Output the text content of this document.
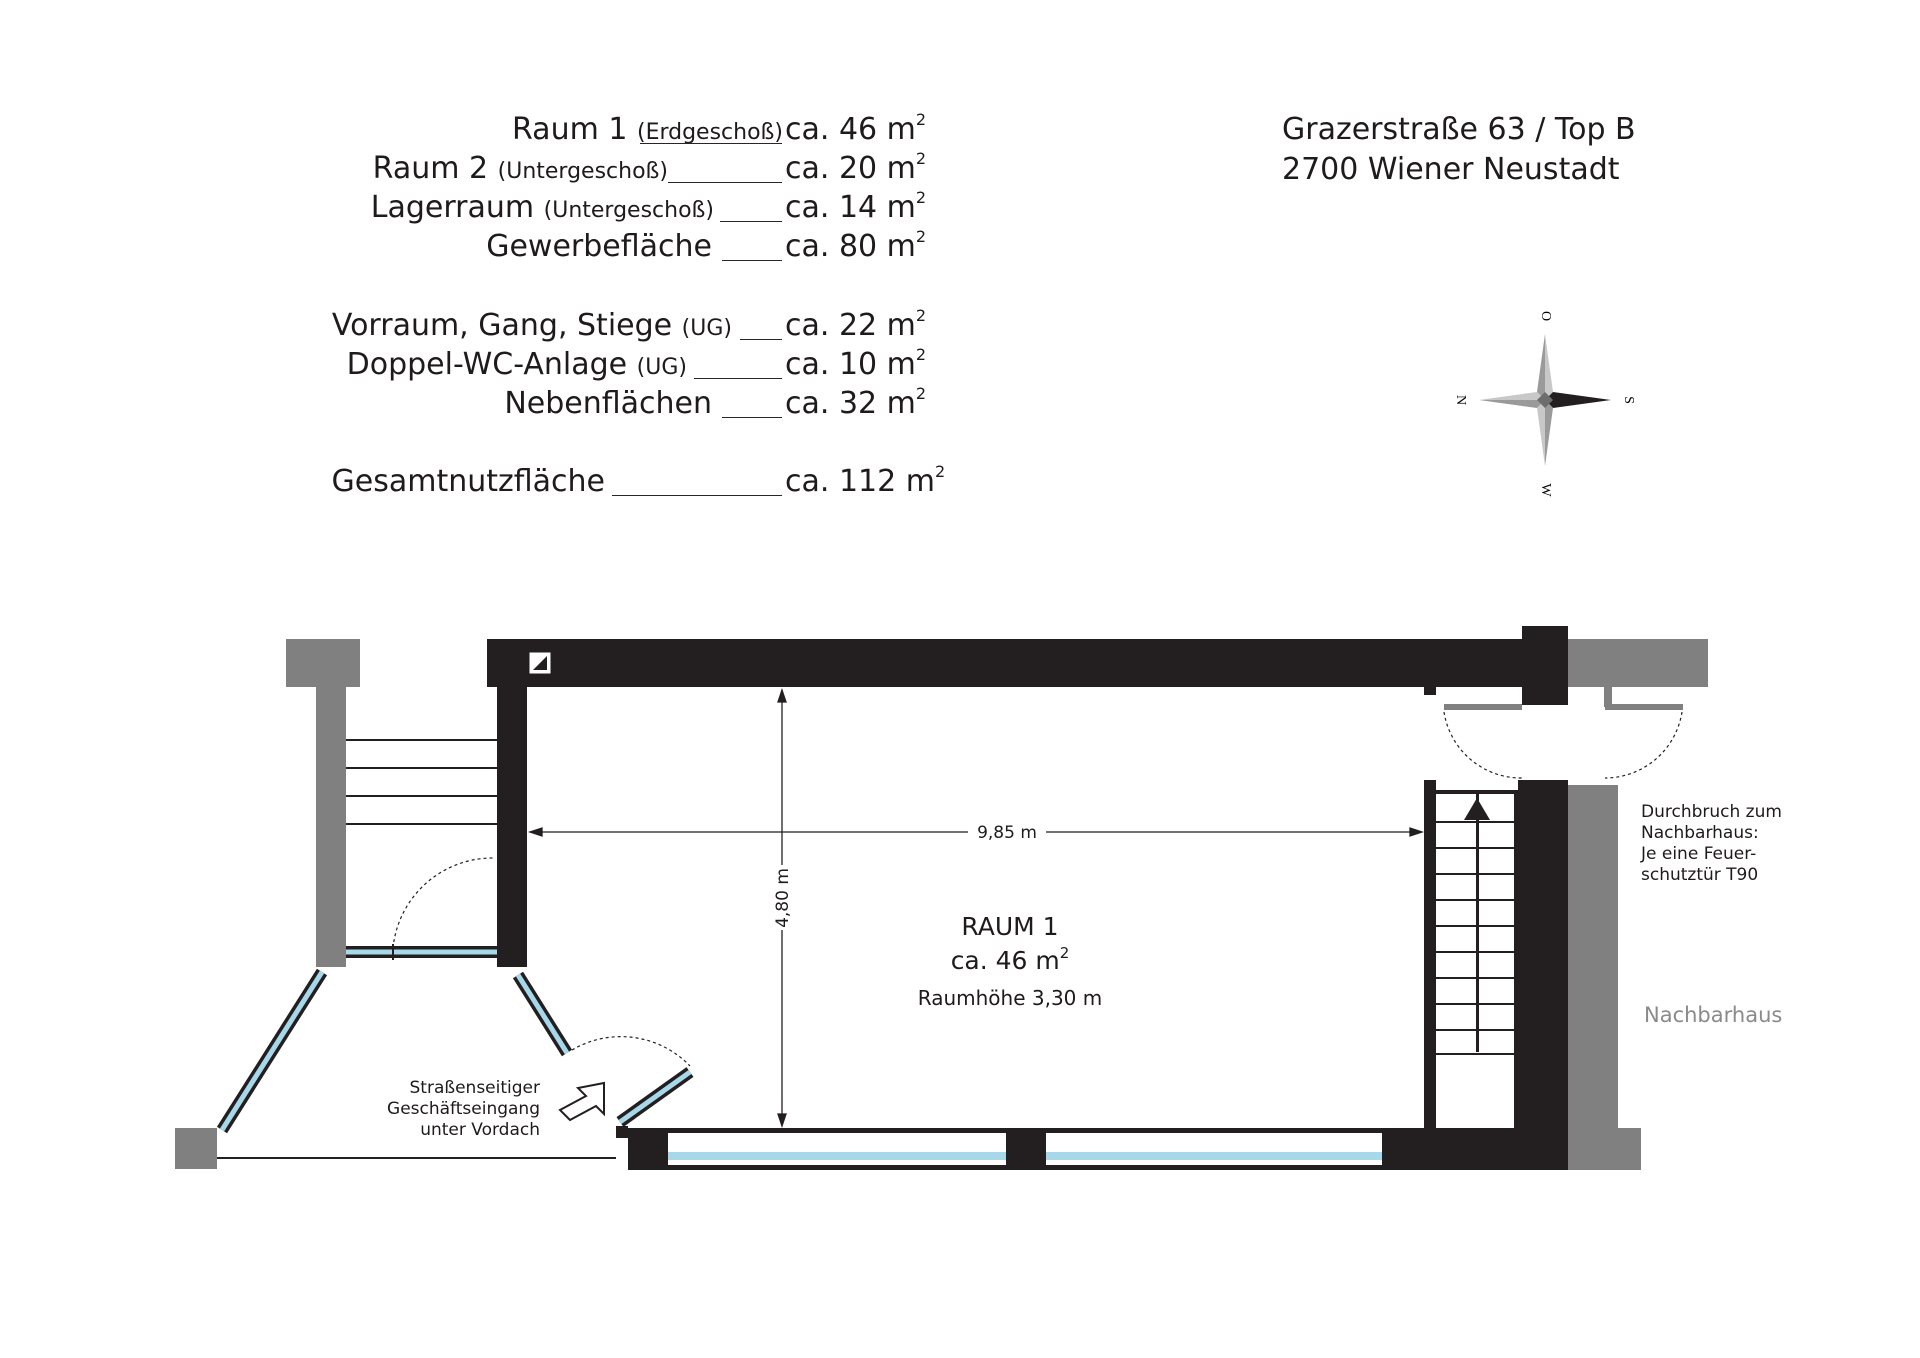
Raum 1 (Erdgeschoß) ca. 46 $m^2$
Raum 2 (Untergeschoß)	ca. 20 $m^2$
Lagerraum (Untergeschoß) ca. 14 $m^2$
Gewerbefläche ca. 80 $m^2$
Vorraum, Gang, Stiege (UG) ca. 22 $m^2$
Doppel-WC-Anlage (UG)	ca. 10 $m^2$
Nebenflächen ca. 32 $m^2$
Gesamtnutzfläche	ca. 112 $m^2$
Grazerstraße 63 / Top B
2700 Wiener Neustadt
O
S
W
N
9,85 m
4,80 m	RAUM 1
ca. 46 $m^2$
Raumhöhe 3,30 m
Straßenseitiger
Geschäftseingang
unter Vordach
Durchbruch zum
Nachbarhaus:
Je eine Feuer-
schutztür T90
Nachbarhaus
